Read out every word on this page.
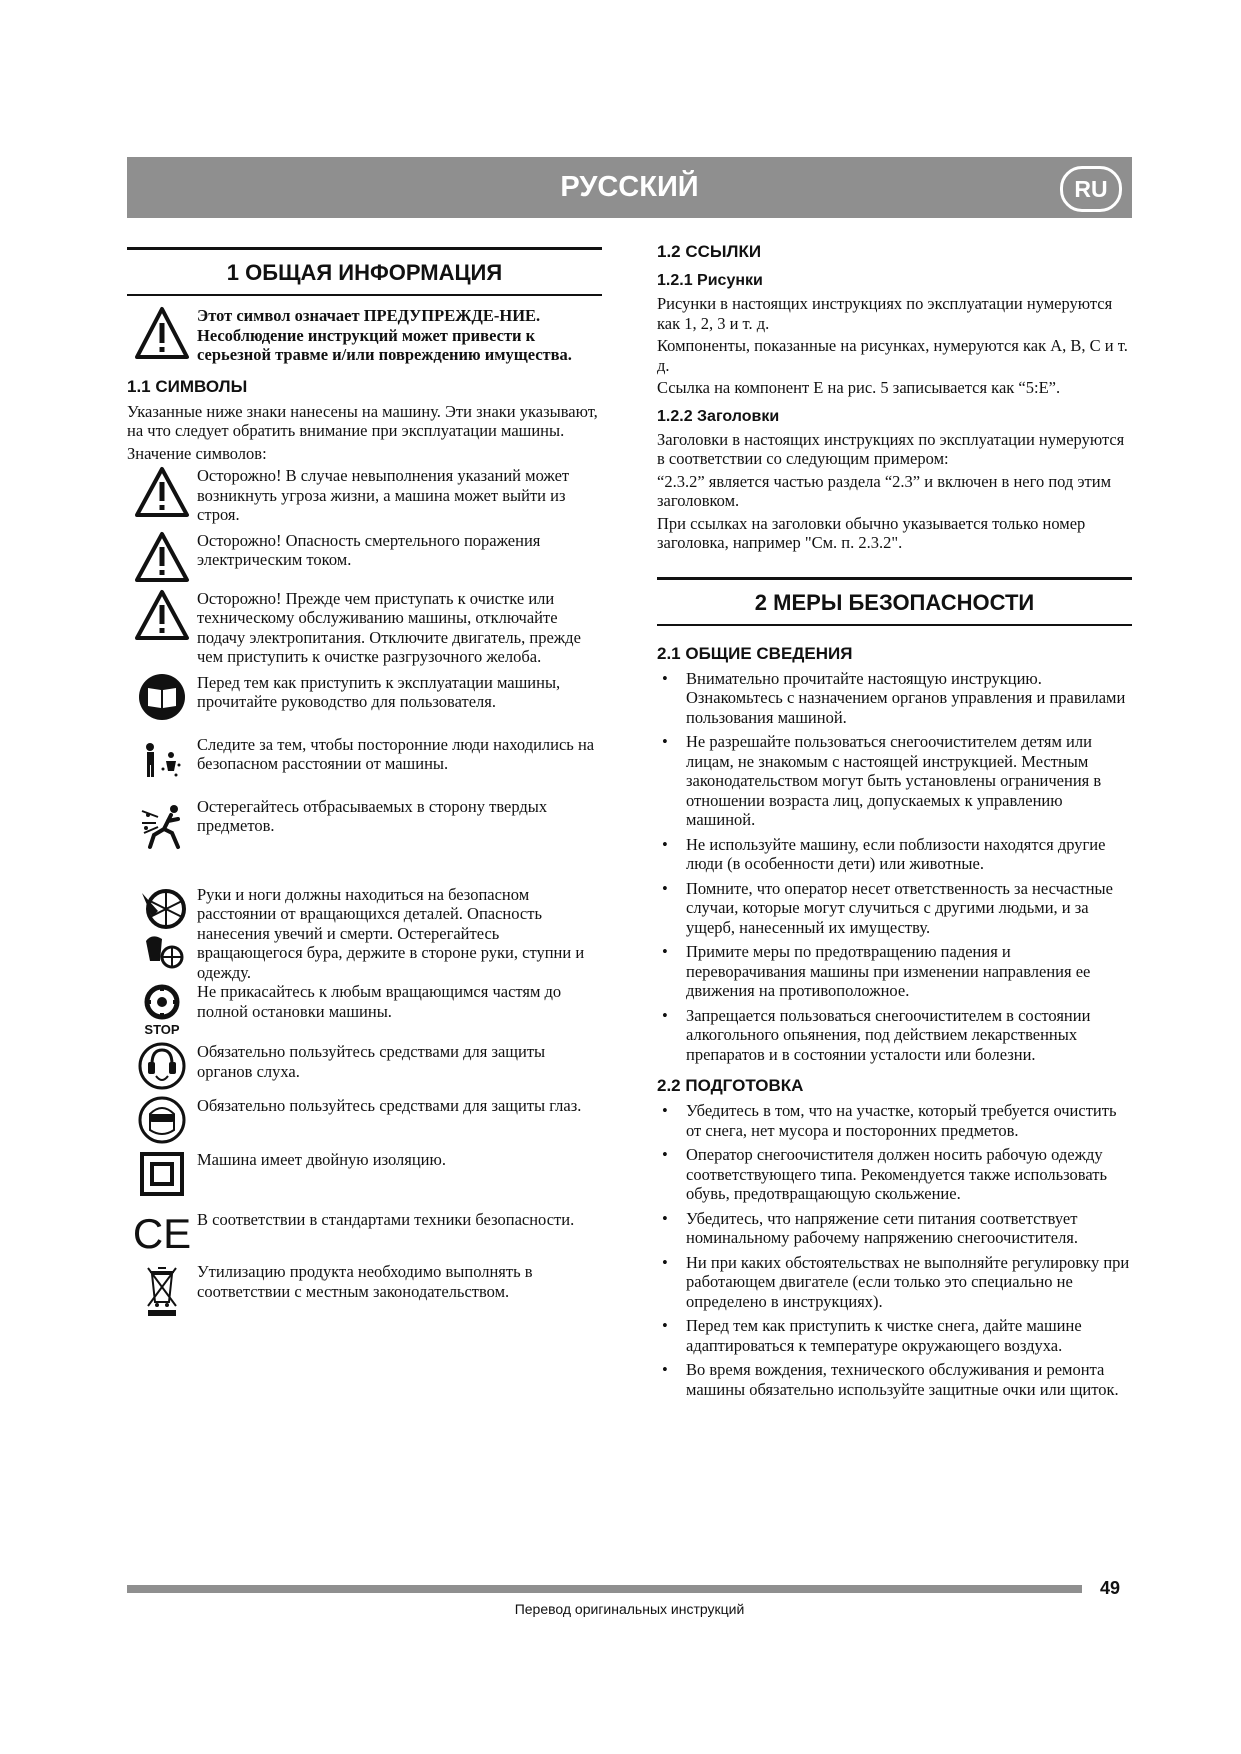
РУССКИЙ	RU
1 ОБЩАЯ ИНФОРМАЦИЯ
Этот символ означает ПРЕДУПРЕЖДЕ-НИЕ. Несоблюдение инструкций может привести к серьезной травме и/или повреждению имущества.
1.1 СИМВОЛЫ

Указанные ниже знаки нанесены на машину. Эти знаки указывают, на что следует обратить внимание при эксплуатации машины.

Значение символов:

Осторожно! В случае невыполнения указаний может возникнуть угроза жизни, а машина может выйти из строя.
Осторожно! Опасность смертельного поражения электрическим током.
Осторожно! Прежде чем приступать к очистке или техническому обслуживанию машины, отключайте подачу электропитания. Отключите двигатель, прежде чем приступить к очистке разгрузочного желоба.
Перед тем как приступить к эксплуатации машины, прочитайте руководство для пользователя.
Следите за тем, чтобы посторонние люди находились на безопасном расстоянии от машины.
Остерегайтесь отбрасываемых в сторону твердых предметов.
Руки и ноги должны находиться на безопасном расстоянии от вращающихся деталей. Опасность нанесения увечий и смерти. Остерегайтесь вращающегося бура, держите в стороне руки, ступни и одежду.
STOP
Не прикасайтесь к любым вращающимся частям до полной остановки машины.
Обязательно пользуйтесь средствами для защиты органов слуха.
Обязательно пользуйтесь средствами для защиты глаз.
Машина имеет двойную изоляцию.
CE В соответствии в стандартами техники безопасности.
Утилизацию продукта необходимо выполнять в соответствии с местным законодательством.
1.2 ССЫЛКИ
1.2.1 Рисунки

Рисунки в настоящих инструкциях по эксплуатации нумеруются как 1, 2, 3 и т. д.

Компоненты, показанные на рисунках, нумеруются как A, B, C и т. д.

Ссылка на компонент E на рис. 5 записывается как “5:E”.

1.2.2 Заголовки

Заголовки в настоящих инструкциях по эксплуатации нумеруются в соответствии со следующим примером:

“2.3.2” является частью раздела “2.3” и включен в него под этим заголовком.

При ссылках на заголовки обычно указывается только номер заголовка, например "См. п. 2.3.2".

2 МЕРЫ БЕЗОПАСНОСТИ
2.1 ОБЩИЕ СВЕДЕНИЯ
• Внимательно прочитайте настоящую инструкцию. Ознакомьтесь с назначением органов управления и правилами пользования машиной.
• Не разрешайте пользоваться снегоочистителем детям или лицам, не знакомым с настоящей инструкцией. Местным законодательством могут быть установлены ограничения в отношении возраста лиц, допускаемых к управлению машиной.
• Не используйте машину, если поблизости находятся другие люди (в особенности дети) или животные.
• Помните, что оператор несет ответственность за несчастные случаи, которые могут случиться с другими людьми, и за ущерб, нанесенный их имуществу.
• Примите меры по предотвращению падения и переворачивания машины при изменении направления ее движения на противоположное.
• Запрещается пользоваться снегоочистителем в состоянии алкогольного опьянения, под действием лекарственных препаратов и в состоянии усталости или болезни.
2.2 ПОДГОТОВКА
• Убедитесь в том, что на участке, который требуется очистить от снега, нет мусора и посторонних предметов.
• Оператор снегоочистителя должен носить рабочую одежду соответствующего типа. Рекомендуется также использовать обувь, предотвращающую скольжение.
• Убедитесь, что напряжение сети питания соответствует номинальному рабочему напряжению снегоочистителя.
• Ни при каких обстоятельствах не выполняйте регулировку при работающем двигателе (если только это специально не определено в инструкциях).
• Перед тем как приступить к чистке снега, дайте машине адаптироваться к температуре окружающего воздуха.
• Во время вождения, технического обслуживания и ремонта машины обязательно используйте защитные очки или щиток.
49
Перевод оригинальных инструкций
